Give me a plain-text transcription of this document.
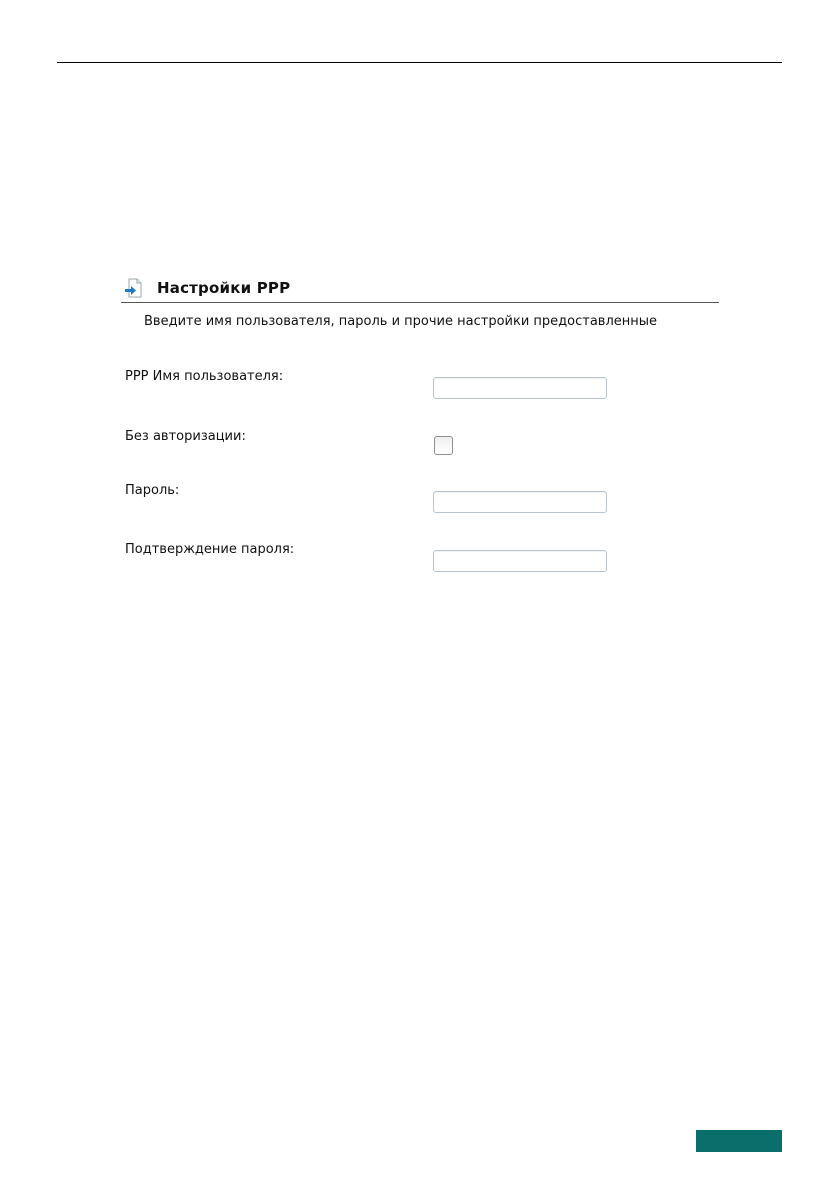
Настройки PPP
Введите имя пользователя, пароль и прочие настройки предоставленные
PPP Имя пользователя:
Без авторизации:
Пароль:
Подтверждение пароля:
